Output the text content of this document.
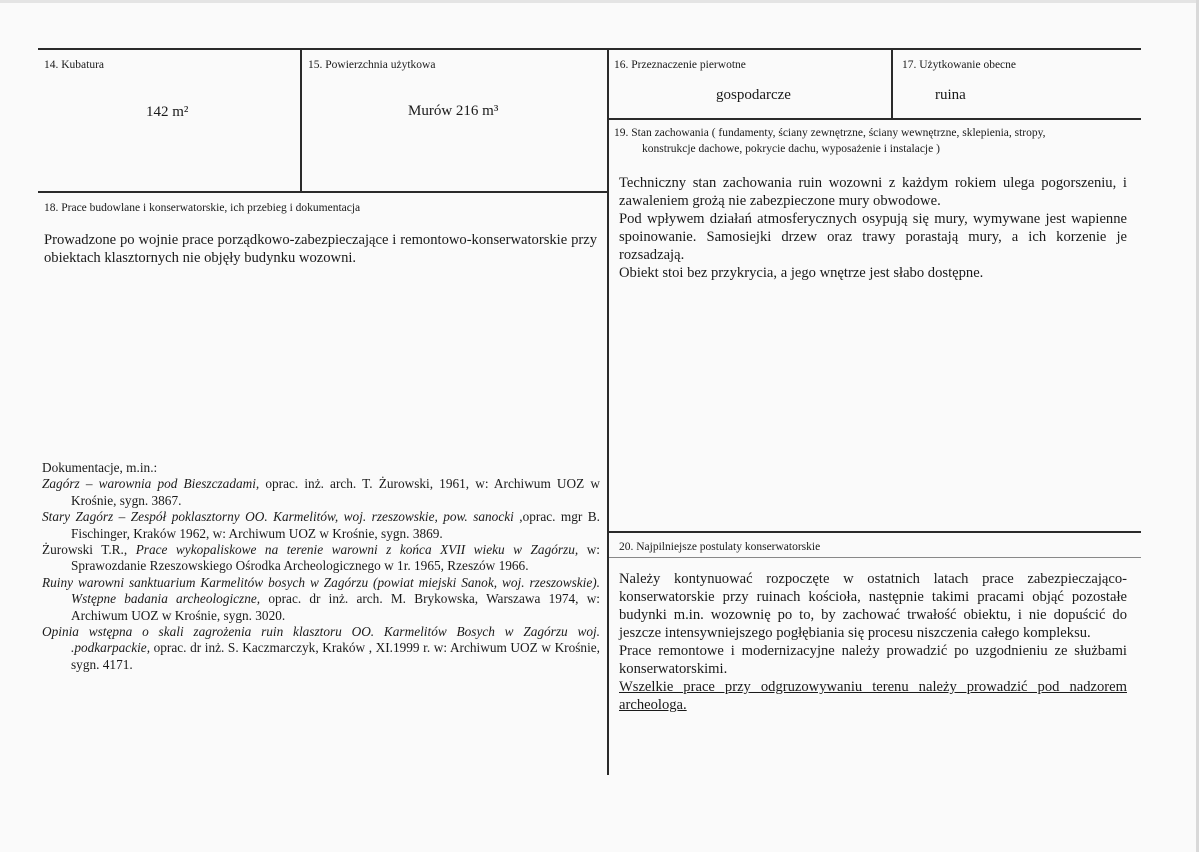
14. Kubatura
142 m²
15. Powierzchnia użytkowa
Murów 216 m³
16. Przeznaczenie pierwotne
gospodarcze
17. Użytkowanie obecne
ruina
18. Prace budowlane i konserwatorskie, ich przebieg i dokumentacja

Prowadzone po wojnie prace porządkowo-zabezpieczające i remontowo-konserwatorskie przy obiektach klasztornych nie objęły budynku wozowni.

Dokumentacje, m.in.:

Zagórz – warownia pod Bieszczadami, oprac. inż. arch. T. Żurowski, 1961, w: Archiwum UOZ w Krośnie, sygn. 3867.

Stary Zagórz – Zespół poklasztorny OO. Karmelitów, woj. rzeszowskie, pow. sanocki ,oprac. mgr B. Fischinger, Kraków 1962, w: Archiwum UOZ w Krośnie, sygn. 3869.

Żurowski T.R., Prace wykopaliskowe na terenie warowni z końca XVII wieku w Zagórzu, w: Sprawozdanie Rzeszowskiego Ośrodka Archeologicznego w 1r. 1965, Rzeszów 1966.

Ruiny warowni sanktuarium Karmelitów bosych w Zagórzu (powiat miejski Sanok, woj. rzeszowskie). Wstępne badania archeologiczne, oprac. dr inż. arch. M. Brykowska, Warszawa 1974, w: Archiwum UOZ w Krośnie, sygn. 3020.

Opinia wstępna o skali zagrożenia ruin klasztoru OO. Karmelitów Bosych w Zagórzu woj. .podkarpackie, oprac. dr inż. S. Kaczmarczyk, Kraków , XI.1999 r. w: Archiwum UOZ w Krośnie, sygn. 4171.

19. Stan zachowania ( fundamenty, ściany zewnętrzne, ściany wewnętrzne, sklepienia, stropy,
konstrukcje dachowe, pokrycie dachu, wyposażenie i instalacje )

Techniczny stan zachowania ruin wozowni z każdym rokiem ulega pogorszeniu, i zawaleniem grożą nie zabezpieczone mury obwodowe.

Pod wpływem działań atmosferycznych osypują się mury, wymywane jest wapienne spoinowanie. Samosiejki drzew oraz trawy porastają mury, a ich korzenie je rozsadzają.

Obiekt stoi bez przykrycia, a jego wnętrze jest słabo dostępne.

20. Najpilniejsze postulaty konserwatorskie

Należy kontynuować rozpoczęte w ostatnich latach prace zabezpieczająco-konserwatorskie przy ruinach kościoła, następnie takimi pracami objąć pozostałe budynki m.in. wozownię po to, by zachować trwałość obiektu, i nie dopuścić do jeszcze intensywniejszego pogłębiania się procesu niszczenia całego kompleksu.

Prace remontowe i modernizacyjne należy prowadzić po uzgodnieniu ze służbami konserwatorskimi.

Wszelkie prace przy odgruzowywaniu terenu należy prowadzić pod nadzorem archeologa.
